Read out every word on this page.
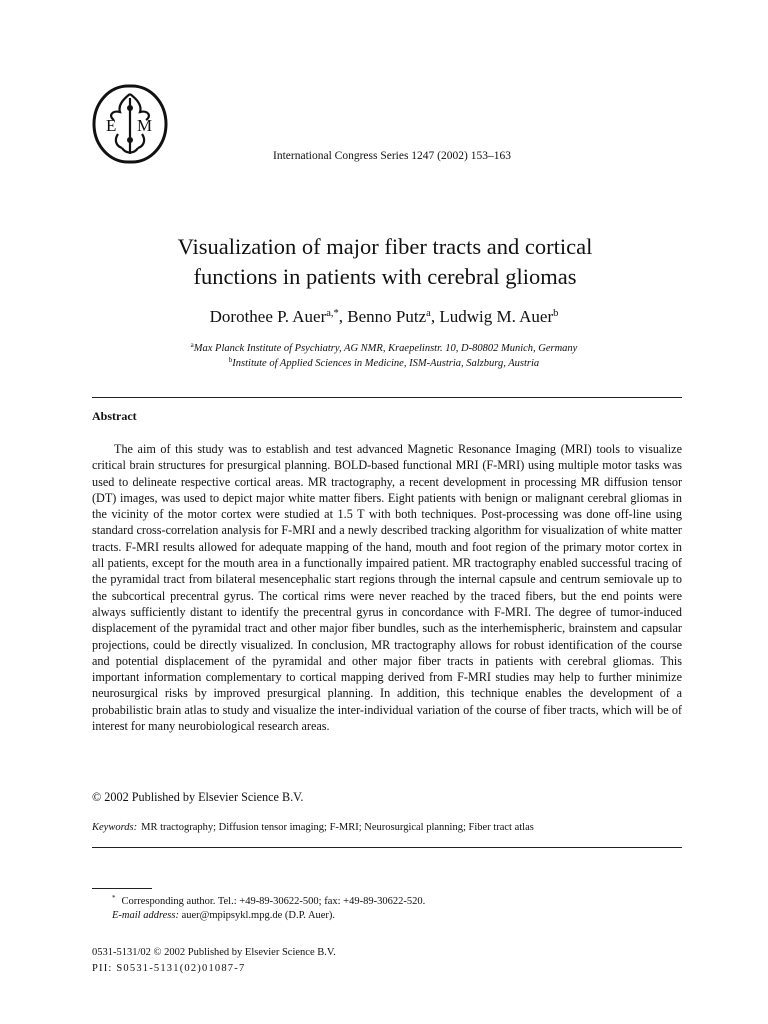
E M
International Congress Series 1247 (2002) 153–163
Visualization of major fiber tracts and cortical
functions in patients with cerebral gliomas
Dorothee P. Auer$^{a,*}$, Benno Putz$^a$, Ludwig M. Auer$^b$
$^a$Max Planck Institute of Psychiatry, AG NMR, Kraepelinstr. 10, D-80802 Munich, Germany
$^b$Institute of Applied Sciences in Medicine, ISM-Austria, Salzburg, Austria
Abstract

The aim of this study was to establish and test advanced Magnetic Resonance Imaging (MRI) tools to visualize critical brain structures for presurgical planning. BOLD-based functional MRI (F-MRI) using multiple motor tasks was used to delineate respective cortical areas. MR tractography, a recent development in processing MR diffusion tensor (DT) images, was used to depict major white matter fibers. Eight patients with benign or malignant cerebral gliomas in the vicinity of the motor cortex were studied at 1.5 T with both techniques. Post-processing was done off-line using standard cross-correlation analysis for F-MRI and a newly described tracking algorithm for visualization of white matter tracts. F-MRI results allowed for adequate mapping of the hand, mouth and foot region of the primary motor cortex in all patients, except for the mouth area in a functionally impaired patient. MR tractography enabled successful tracing of the pyramidal tract from bilateral mesencephalic start regions through the internal capsule and centrum semiovale up to the subcortical precentral gyrus. The cortical rims were never reached by the traced fibers, but the end points were always sufficiently distant to identify the precentral gyrus in concordance with F-MRI. The degree of tumor-induced displacement of the pyramidal tract and other major fiber bundles, such as the interhemispheric, brainstem and capsular projections, could be directly visualized. In conclusion, MR tractography allows for robust identification of the course and potential displacement of the pyramidal and other major fiber tracts in patients with cerebral gliomas. This important information complementary to cortical mapping derived from F-MRI studies may help to further minimize neurosurgical risks by improved presurgical planning. In addition, this technique enables the development of a probabilistic brain atlas to study and visualize the inter-individual variation of the course of fiber tracts, which will be of interest for many neurobiological research areas.

© 2002 Published by Elsevier Science B.V.
Keywords: MR tractography; Diffusion tensor imaging; F-MRI; Neurosurgical planning; Fiber tract atlas
* Corresponding author. Tel.: +49-89-30622-500; fax: +49-89-30622-520.
E-mail address: auer@mpipsykl.mpg.de (D.P. Auer).
0531-5131/02 © 2002 Published by Elsevier Science B.V.
PII: S0531-5131(02)01087-7
